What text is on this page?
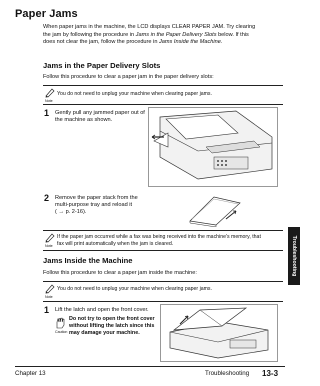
Paper Jams
When paper jams in the machine, the LCD displays CLEAR PAPER JAM. Try clearing
the jam by following the procedure in Jams in the Paper Delivery Slots below. If this
does not clear the jam, follow the procedure in Jams Inside the Machine.
Jams in the Paper Delivery Slots
Follow this procedure to clear a paper jam in the paper delivery slots:
Note
You do not need to unplug your machine when clearing paper jams.
1 Gently pull any jammed paper out of
the machine as shown.
2 Remove the paper stack from the
multi-purpose tray and reload it
( → p. 2-16).
Note
If the paper jam occurred while a fax was being received into the machine's memory, that
fax will print automatically when the jam is cleared.
Jams Inside the Machine
Follow this procedure to clear a paper jam inside the machine:
Note
You do not need to unplug your machine when clearing paper jams.
1 Lift the latch and open the front cover.
Caution
Do not try to open the front cover
without lifting the latch since this
may damage your machine.
Troubleshooting
Chapter 13	Troubleshooting 13-3
